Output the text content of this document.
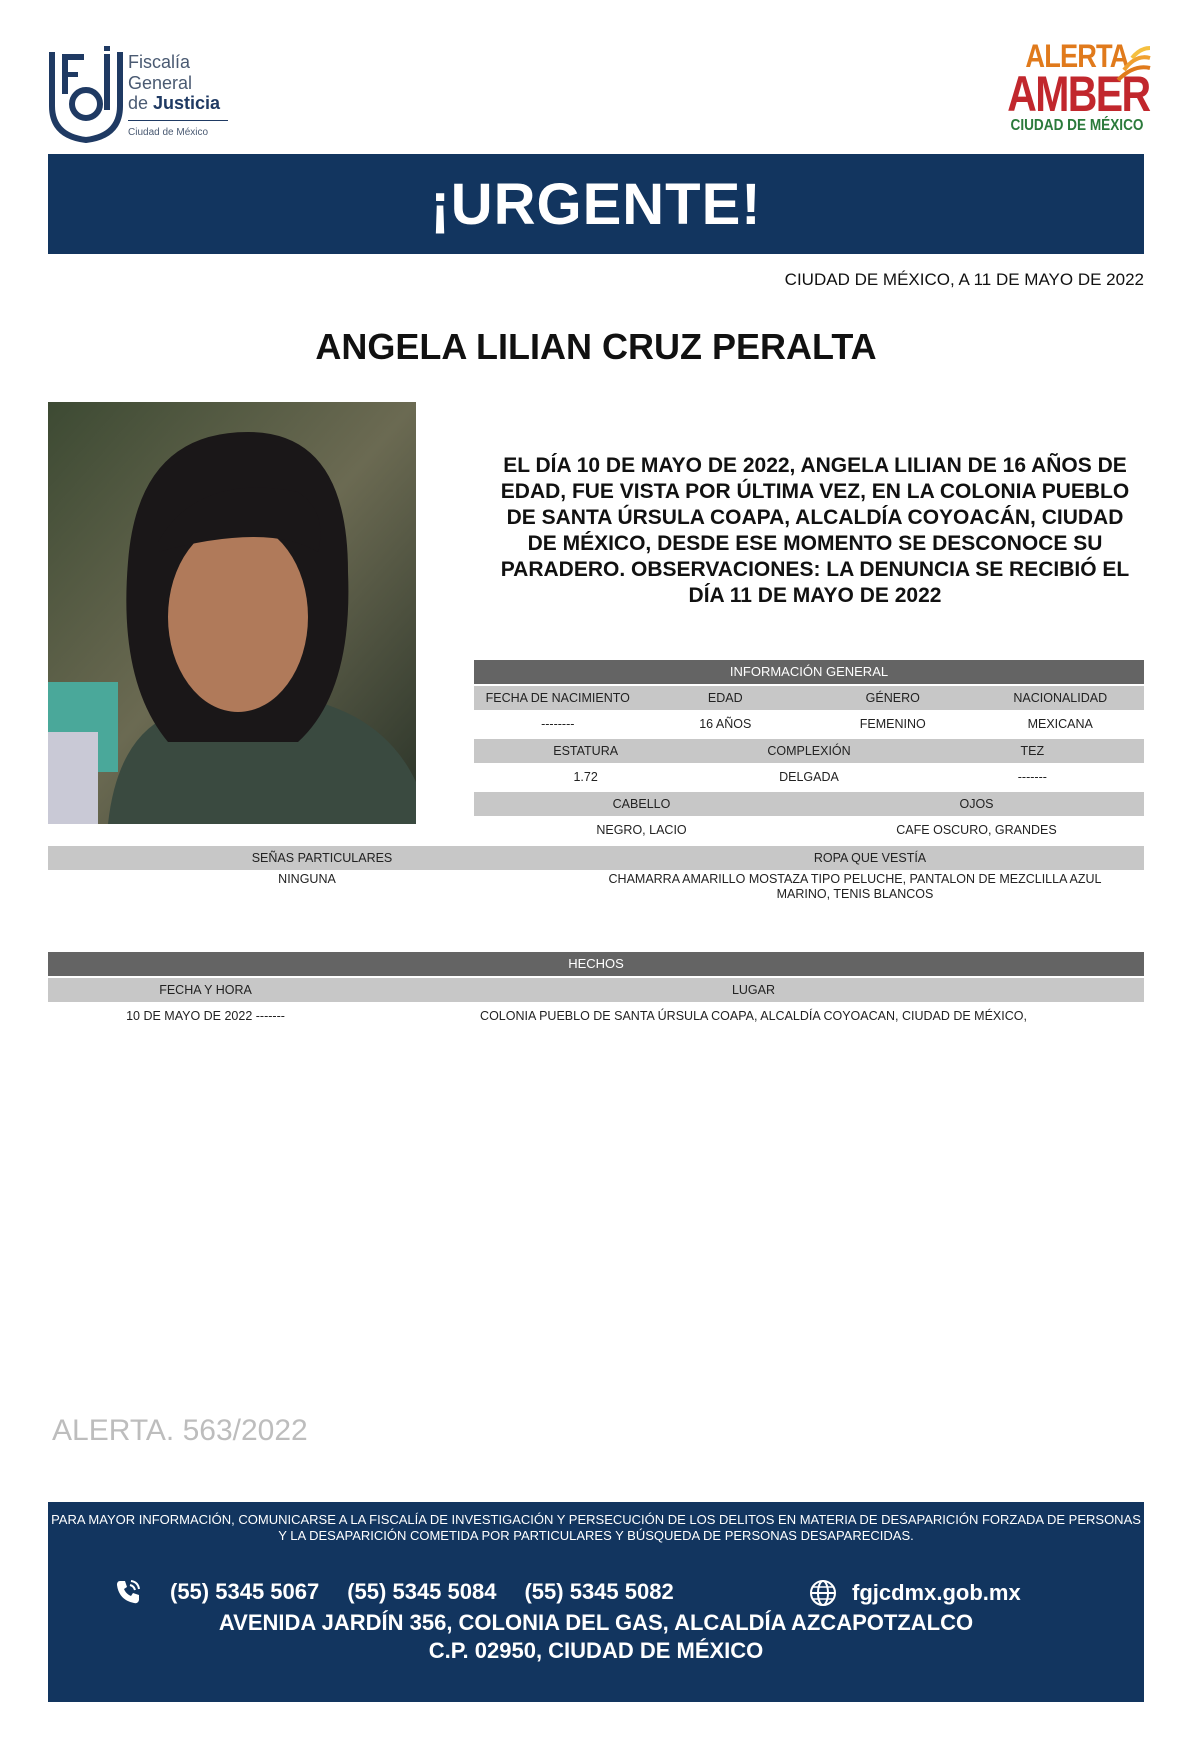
Fiscalía
General
de Justicia
Ciudad de México
ALERTA
AMBER
CIUDAD DE MÉXICO
¡URGENTE!
CIUDAD DE MÉXICO, A 11 DE MAYO DE 2022
ANGELA LILIAN CRUZ PERALTA
EL DÍA 10 DE MAYO DE 2022, ANGELA LILIAN DE 16 AÑOS DE EDAD, FUE VISTA POR ÚLTIMA VEZ, EN LA COLONIA PUEBLO DE SANTA ÚRSULA COAPA, ALCALDÍA COYOACÁN, CIUDAD DE MÉXICO, DESDE ESE MOMENTO SE DESCONOCE SU PARADERO. OBSERVACIONES: LA DENUNCIA SE RECIBIÓ EL DÍA 11 DE MAYO DE 2022
INFORMACIÓN GENERAL
FECHA DE NACIMIENTO	EDAD	GÉNERO	NACIONALIDAD
--------	16 AÑOS	FEMENINO	MEXICANA
ESTATURA	COMPLEXIÓN	TEZ
1.72	DELGADA	-------
CABELLO	OJOS
NEGRO, LACIO	CAFE OSCURO, GRANDES
SEÑAS PARTICULARES	ROPA QUE VESTÍA
NINGUNA	CHAMARRA AMARILLO MOSTAZA TIPO PELUCHE, PANTALON DE MEZCLILLA AZUL MARINO, TENIS BLANCOS
HECHOS
FECHA Y HORA	LUGAR
10 DE MAYO DE 2022 -------	COLONIA PUEBLO DE SANTA ÚRSULA COAPA, ALCALDÍA COYOACAN, CIUDAD DE MÉXICO,
ALERTA. 563/2022
PARA MAYOR INFORMACIÓN, COMUNICARSE A LA FISCALÍA DE INVESTIGACIÓN Y PERSECUCIÓN DE LOS DELITOS EN MATERIA DE DESAPARICIÓN FORZADA DE PERSONAS Y LA DESAPARICIÓN COMETIDA POR PARTICULARES Y BÚSQUEDA DE PERSONAS DESAPARECIDAS.
(55) 5345 5067 (55) 5345 5084 (55) 5345 5082	fgjcdmx.gob.mx
AVENIDA JARDÍN 356, COLONIA DEL GAS, ALCALDÍA AZCAPOTZALCO
C.P. 02950, CIUDAD DE MÉXICO
